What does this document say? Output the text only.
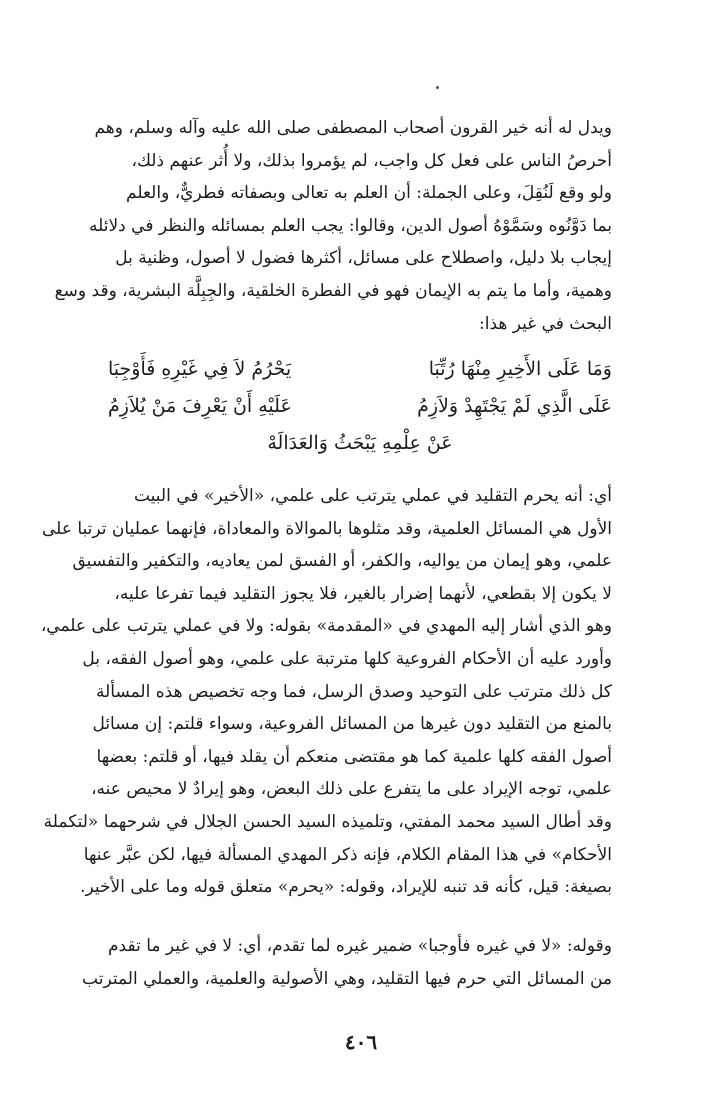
ويدل له أنه خير القرون أصحاب المصطفى صلى الله عليه وآله وسلم، وهم
أحرصُ الناس على فعل كل واجب، لم يؤمروا بذلك، ولا أُثر عنهم ذلك،
ولو وقع لَنُقِلَ، وعلى الجملة: أن العلم به تعالى وبصفاته فطريٌّ، والعلم
بما دَوَّنُوه وسَمَّوْهُ أصول الدين، وقالوا: يجب العلم بمسائله والنظر في دلائله
إيجاب بلا دليل، واصطلاح على مسائل، أكثرها فضول لا أصول، وظنية بل
وهمية، وأما ما يتم به الإيمان فهو في الفطرة الخلقية، والجِبِلَّة البشرية، وقد وسع
البحث في غير هذا:

وَمَا عَلَى الأَخِيرِ مِنْهَا رُتِّبَا
يَحْرُمُ لاَ فِي غَيْرِهِ فَأَوْجِبَا
عَلَى الَّذِي لَمْ يَجْتَهِدْ وَلاَزِمُ
عَلَيْهِ أَنْ يَعْرِفَ مَنْ يُلاَزِمُ
عَنْ عِلْمِهِ يَبْحَثُ وَالعَدَالَهْ

أي: أنه يحرم التقليد في عملي يترتب على علمي، «الأخير» في البيت
الأول هي المسائل العلمية، وقد مثلوها بالموالاة والمعاداة، فإنهما عمليان ترتبا على
علمي، وهو إيمان من يواليه، والكفر، أو الفسق لمن يعاديه، والتكفير والتفسيق
لا يكون إلا بقطعي، لأنهما إضرار بالغير، فلا يجوز التقليد فيما تفرعا عليه،
وهو الذي أشار إليه المهدي في «المقدمة» بقوله: ولا في عملي يترتب على علمي،
وأورد عليه أن الأحكام الفروعية كلها مترتبة على علمي، وهو أصول الفقه، بل
كل ذلك مترتب على التوحيد وصدق الرسل، فما وجه تخصيص هذه المسألة
بالمنع من التقليد دون غيرها من المسائل الفروعية، وسواء قلتم: إن مسائل
أصول الفقه كلها علمية كما هو مقتضى منعكم أن يقلد فيها، أو قلتم: بعضها
علمي، توجه الإيراد على ما يتفرع على ذلك البعض، وهو إيرادٌ لا محيص عنه،
وقد أطال السيد محمد المفتي، وتلميذه السيد الحسن الجلال في شرحهما «لتكملة
الأحكام» في هذا المقام الكلام، فإنه ذكر المهدي المسألة فيها، لكن عبَّر عنها
بصيغة: قيل، كأنه قد تنبه للإيراد، وقوله: «يحرم» متعلق قوله وما على الأخير.

وقوله: «لا في غيره فأوجبا» ضمير غيره لما تقدم، أي: لا في غير ما تقدم
من المسائل التي حرم فيها التقليد، وهي الأصولية والعلمية، والعملي المترتب

٤٠٦
